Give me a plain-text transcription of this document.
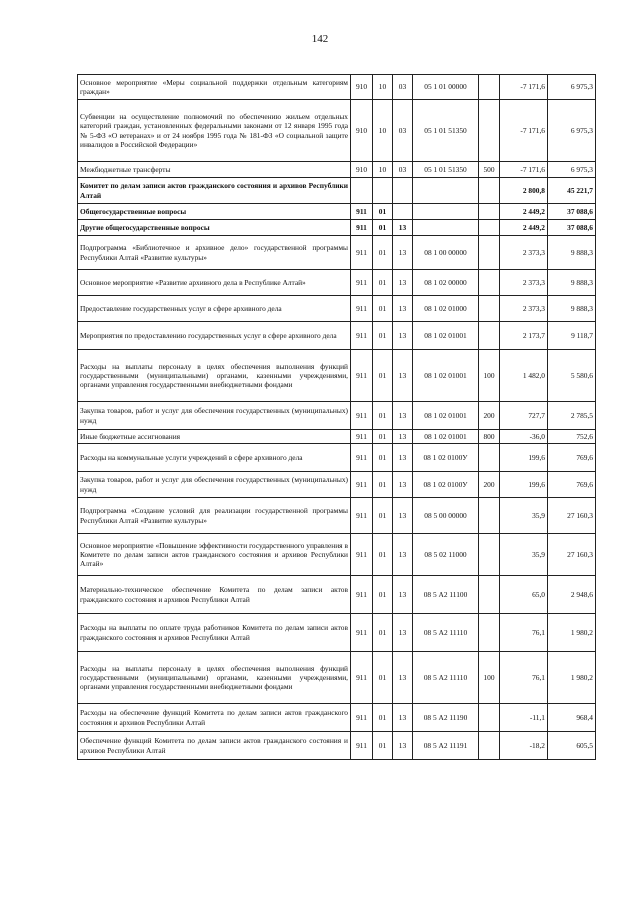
142
Основное мероприятие «Меры социальной поддержки отдельным категориям граждан»	910	10	03	05 1 01 00000		-7 171,6	6 975,3
Субвенции на осуществление полномочий по обеспечению жильем отдельных категорий граждан, установленных федеральными законами от 12 января 1995 года № 5-ФЗ «О ветеранах» и от 24 ноября 1995 года № 181-ФЗ «О социальной защите инвалидов в Российской Федерации»	910	10	03	05 1 01 51350		-7 171,6	6 975,3
Межбюджетные трансферты	910	10	03	05 1 01 51350	500	-7 171,6	6 975,3
Комитет по делам записи актов гражданского состояния и архивов Республики Алтай						2 800,8	45 221,7
Общегосударственные вопросы	911	01				2 449,2	37 088,6
Другие общегосударственные вопросы	911	01	13			2 449,2	37 088,6
Подпрограмма «Библиотечное и архивное дело» государственной программы Республики Алтай «Развитие культуры»	911	01	13	08 1 00 00000		2 373,3	9 888,3
Основное мероприятие «Развитие архивного дела в Республике Алтай»	911	01	13	08 1 02 00000		2 373,3	9 888,3
Предоставление государственных услуг в сфере архивного дела	911	01	13	08 1 02 01000		2 373,3	9 888,3
Мероприятия по предоставлению государственных услуг в сфере архивного дела	911	01	13	08 1 02 01001		2 173,7	9 118,7
Расходы на выплаты персоналу в целях обеспечения выполнения функций государственными (муниципальными) органами, казенными учреждениями, органами управления государственными внебюджетными фондами	911	01	13	08 1 02 01001	100	1 482,0	5 580,6
Закупка товаров, работ и услуг для обеспечения государственных (муниципальных) нужд	911	01	13	08 1 02 01001	200	727,7	2 785,5
Иные бюджетные ассигнования	911	01	13	08 1 02 01001	800	-36,0	752,6
Расходы на коммунальные услуги учреждений в сфере архивного дела	911	01	13	08 1 02 0100У		199,6	769,6
Закупка товаров, работ и услуг для обеспечения государственных (муниципальных) нужд	911	01	13	08 1 02 0100У	200	199,6	769,6
Подпрограмма «Создание условий для реализации государственной программы Республики Алтай «Развитие культуры»	911	01	13	08 5 00 00000		35,9	27 160,3
Основное мероприятие «Повышение эффективности государственного управления в Комитете по делам записи актов гражданского состояния и архивов Республики Алтай»	911	01	13	08 5 02 11000		35,9	27 160,3
Материально-техническое обеспечение Комитета по делам записи актов гражданского состояния и архивов Республики Алтай	911	01	13	08 5 А2 11100		65,0	2 948,6
Расходы на выплаты по оплате труда работников Комитета по делам записи актов гражданского состояния и архивов Республики Алтай	911	01	13	08 5 А2 11110		76,1	1 980,2
Расходы на выплаты персоналу в целях обеспечения выполнения функций государственными (муниципальными) органами, казенными учреждениями, органами управления государственными внебюджетными фондами	911	01	13	08 5 А2 11110	100	76,1	1 980,2
Расходы на обеспечение функций Комитета по делам записи актов гражданского состояния и архивов Республики Алтай	911	01	13	08 5 А2 11190		-11,1	968,4
Обеспечение функций Комитета по делам записи актов гражданского состояния и архивов Республики Алтай	911	01	13	08 5 А2 11191		-18,2	605,5
